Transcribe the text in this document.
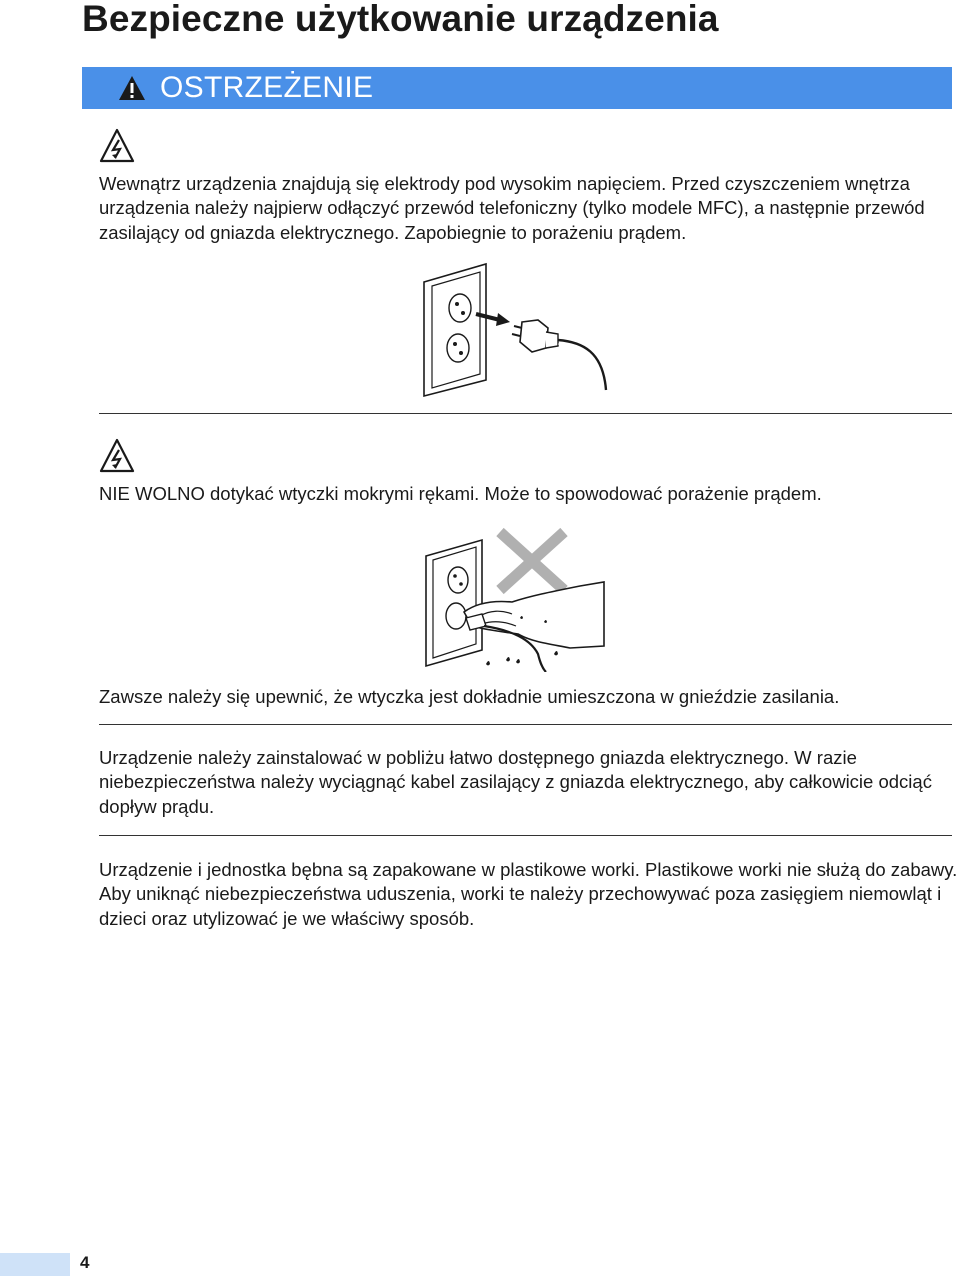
Bezpieczne użytkowanie urządzenia
OSTRZEŻENIE

Wewnątrz urządzenia znajdują się elektrody pod wysokim napięciem. Przed czyszczeniem wnętrza urządzenia należy najpierw odłączyć przewód telefoniczny (tylko modele MFC), a następnie przewód zasilający od gniazda elektrycznego. Zapobiegnie to porażeniu prądem.

NIE WOLNO dotykać wtyczki mokrymi rękami. Może to spowodować porażenie prądem.

Zawsze należy się upewnić, że wtyczka jest dokładnie umieszczona w gnieździe zasilania.

Urządzenie należy zainstalować w pobliżu łatwo dostępnego gniazda elektrycznego. W razie niebezpieczeństwa należy wyciągnąć kabel zasilający z gniazda elektrycznego, aby całkowicie odciąć dopływ prądu.

Urządzenie i jednostka bębna są zapakowane w plastikowe worki. Plastikowe worki nie służą do zabawy. Aby uniknąć niebezpieczeństwa uduszenia, worki te należy przechowywać poza zasięgiem niemowląt i dzieci oraz utylizować je we właściwy sposób.

4
